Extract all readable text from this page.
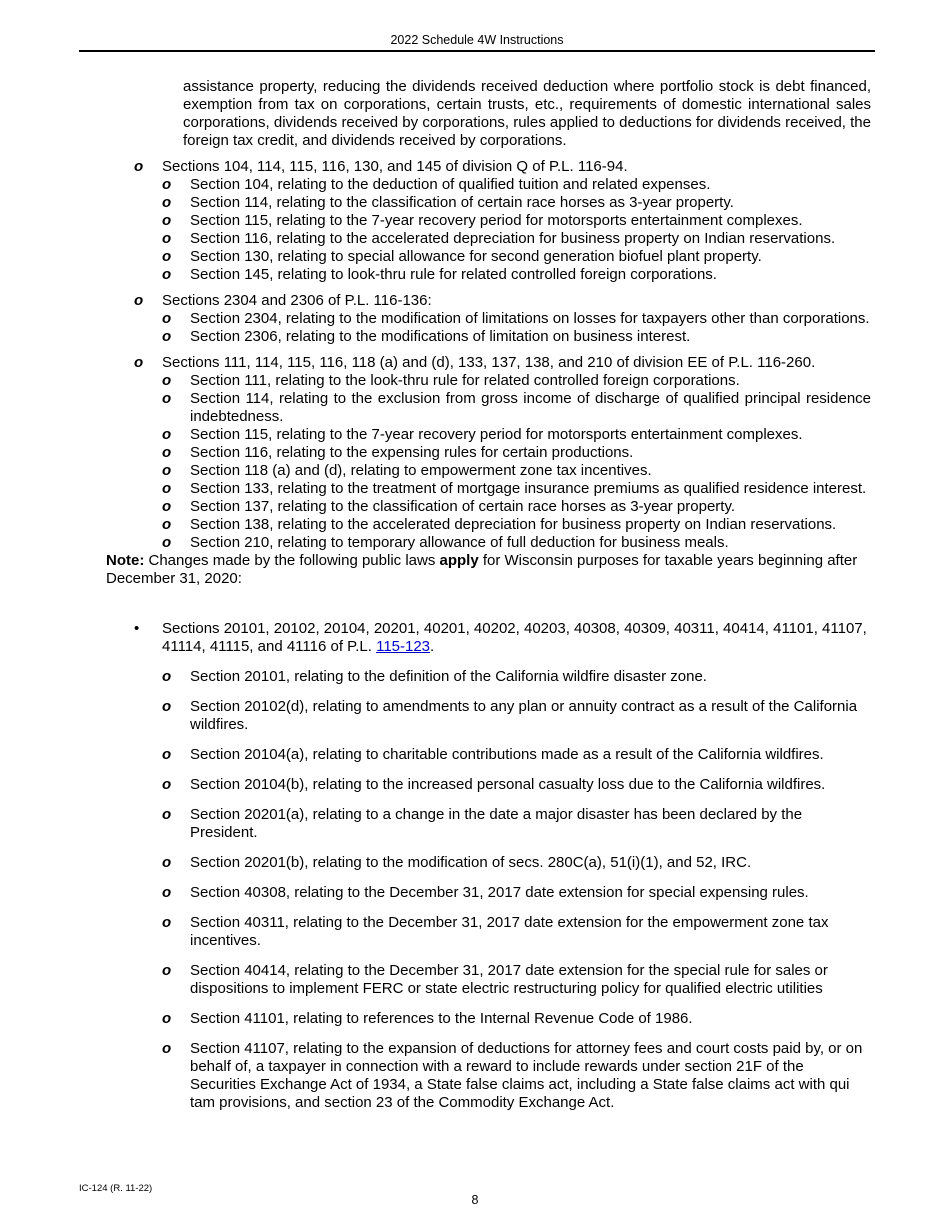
2022 Schedule 4W Instructions

assistance property, reducing the dividends received deduction where portfolio stock is debt financed, exemption from tax on corporations, certain trusts, etc., requirements of domestic international sales corporations, dividends received by corporations, rules applied to deductions for dividends received, the foreign tax credit, and dividends received by corporations.

o Sections 104, 114, 115, 116, 130, and 145 of division Q of P.L. 116-94.
o Section 104, relating to the deduction of qualified tuition and related expenses.
o Section 114, relating to the classification of certain race horses as 3-year property.
o Section 115, relating to the 7-year recovery period for motorsports entertainment complexes.
o Section 116, relating to the accelerated depreciation for business property on Indian reservations.
o Section 130, relating to special allowance for second generation biofuel plant property.
o Section 145, relating to look-thru rule for related controlled foreign corporations.
o Sections 2304 and 2306 of P.L. 116-136:
o Section 2304, relating to the modification of limitations on losses for taxpayers other than corporations.
o Section 2306, relating to the modifications of limitation on business interest.
o Sections 111, 114, 115, 116, 118 (a) and (d), 133, 137, 138, and 210 of division EE of P.L. 116-260.
o Section 111, relating to the look-thru rule for related controlled foreign corporations.
o Section 114, relating to the exclusion from gross income of discharge of qualified principal residence indebtedness.
o Section 115, relating to the 7-year recovery period for motorsports entertainment complexes.
o Section 116, relating to the expensing rules for certain productions.
o Section 118 (a) and (d), relating to empowerment zone tax incentives.
o Section 133, relating to the treatment of mortgage insurance premiums as qualified residence interest.
o Section 137, relating to the classification of certain race horses as 3-year property.
o Section 138, relating to the accelerated depreciation for business property on Indian reservations.
o Section 210, relating to temporary allowance of full deduction for business meals.

Note: Changes made by the following public laws apply for Wisconsin purposes for taxable years beginning after December 31, 2020:

• Sections 20101, 20102, 20104, 20201, 40201, 40202, 40203, 40308, 40309, 40311, 40414, 41101, 41107, 41114, 41115, and 41116 of P.L. 115-123.
o Section 20101, relating to the definition of the California wildfire disaster zone.
o Section 20102(d), relating to amendments to any plan or annuity contract as a result of the California wildfires.
o Section 20104(a), relating to charitable contributions made as a result of the California wildfires.
o Section 20104(b), relating to the increased personal casualty loss due to the California wildfires.
o Section 20201(a), relating to a change in the date a major disaster has been declared by the President.
o Section 20201(b), relating to the modification of secs. 280C(a), 51(i)(1), and 52, IRC.
o Section 40308, relating to the December 31, 2017 date extension for special expensing rules.
o Section 40311, relating to the December 31, 2017 date extension for the empowerment zone tax incentives.
o Section 40414, relating to the December 31, 2017 date extension for the special rule for sales or dispositions to implement FERC or state electric restructuring policy for qualified electric utilities
o Section 41101, relating to references to the Internal Revenue Code of 1986.
o Section 41107, relating to the expansion of deductions for attorney fees and court costs paid by, or on behalf of, a taxpayer in connection with a reward to include rewards under section 21F of the Securities Exchange Act of 1934, a State false claims act, including a State false claims act with qui tam provisions, and section 23 of the Commodity Exchange Act.
IC-124 (R. 11-22)
8
